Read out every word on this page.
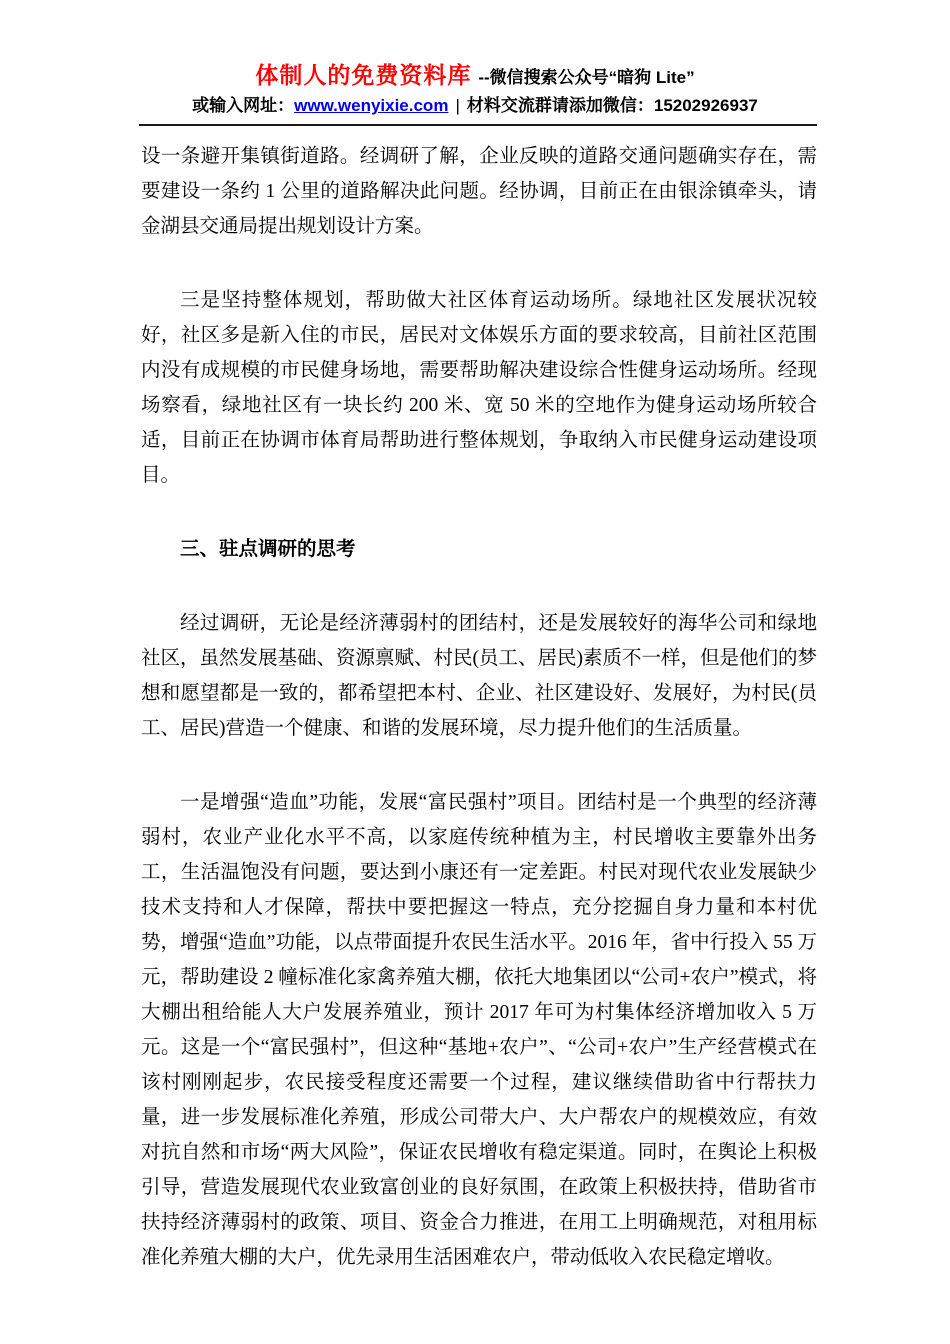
体制人的免费资料库 --微信搜索公众号“暗狗 Lite”
或输入网址：www.wenyixie.com | 材料交流群请添加微信：15202926937

设一条避开集镇街道路。经调研了解，企业反映的道路交通问题确实存在，需要建设一条约 1 公里的道路解决此问题。经协调，目前正在由银涂镇牵头，请金湖县交通局提出规划设计方案。

三是坚持整体规划，帮助做大社区体育运动场所。绿地社区发展状况较好，社区多是新入住的市民，居民对文体娱乐方面的要求较高，目前社区范围内没有成规模的市民健身场地，需要帮助解决建设综合性健身运动场所。经现场察看，绿地社区有一块长约 200 米、宽 50 米的空地作为健身运动场所较合适，目前正在协调市体育局帮助进行整体规划，争取纳入市民健身运动建设项目。

三、驻点调研的思考

经过调研，无论是经济薄弱村的团结村，还是发展较好的海华公司和绿地社区，虽然发展基础、资源禀赋、村民(员工、居民)素质不一样，但是他们的梦想和愿望都是一致的，都希望把本村、企业、社区建设好、发展好，为村民(员工、居民)营造一个健康、和谐的发展环境，尽力提升他们的生活质量。

一是增强“造血”功能，发展“富民强村”项目。团结村是一个典型的经济薄弱村，农业产业化水平不高，以家庭传统种植为主，村民增收主要靠外出务工，生活温饱没有问题，要达到小康还有一定差距。村民对现代农业发展缺少技术支持和人才保障，帮扶中要把握这一特点，充分挖掘自身力量和本村优势，增强“造血”功能，以点带面提升农民生活水平。2016 年，省中行投入 55 万元，帮助建设 2 幢标准化家禽养殖大棚，依托大地集团以“公司+农户”模式，将大棚出租给能人大户发展养殖业，预计 2017 年可为村集体经济增加收入 5 万元。这是一个“富民强村”，但这种“基地+农户”、“公司+农户”生产经营模式在该村刚刚起步，农民接受程度还需要一个过程，建议继续借助省中行帮扶力量，进一步发展标准化养殖，形成公司带大户、大户帮农户的规模效应，有效对抗自然和市场“两大风险”，保证农民增收有稳定渠道。同时，在舆论上积极引导，营造发展现代农业致富创业的良好氛围，在政策上积极扶持，借助省市扶持经济薄弱村的政策、项目、资金合力推进，在用工上明确规范，对租用标准化养殖大棚的大户，优先录用生活困难农户，带动低收入农民稳定增收。
